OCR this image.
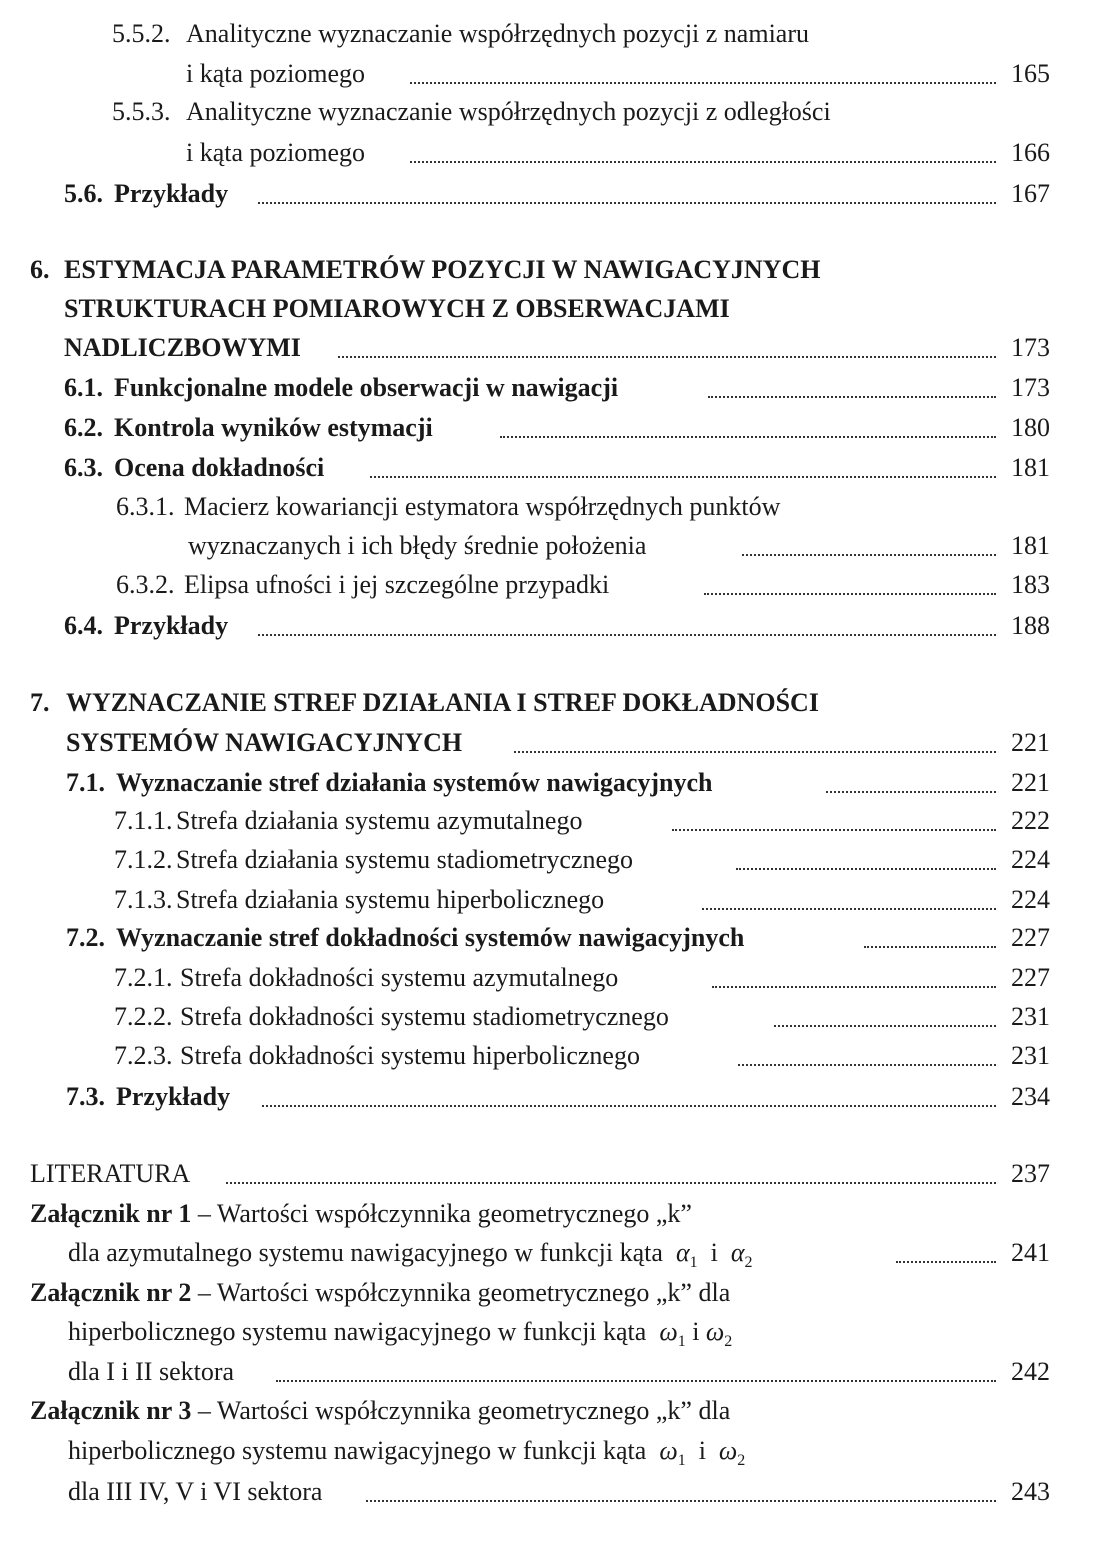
5.5.2. Analityczne wyznaczanie współrzędnych pozycji z namiaru
i kąta poziomego	165
5.5.3. Analityczne wyznaczanie współrzędnych pozycji z odległości
i kąta poziomego	166
5.6. Przykłady	167
6. ESTYMACJA PARAMETRÓW POZYCJI W NAWIGACYJNYCH
STRUKTURACH POMIAROWYCH Z OBSERWACJAMI
NADLICZBOWYMI	173
6.1. Funkcjonalne modele obserwacji w nawigacji	173
6.2. Kontrola wyników estymacji	180
6.3. Ocena dokładności	181
6.3.1. Macierz kowariancji estymatora współrzędnych punktów
wyznaczanych i ich błędy średnie położenia	181
6.3.2. Elipsa ufności i jej szczególne przypadki	183
6.4. Przykłady	188
7. WYZNACZANIE STREF DZIAŁANIA I STREF DOKŁADNOŚCI
SYSTEMÓW NAWIGACYJNYCH	221
7.1. Wyznaczanie stref działania systemów nawigacyjnych	221
7.1.1. Strefa działania systemu azymutalnego	222
7.1.2. Strefa działania systemu stadiometrycznego	224
7.1.3. Strefa działania systemu hiperbolicznego	224
7.2. Wyznaczanie stref dokładności systemów nawigacyjnych	227
7.2.1. Strefa dokładności systemu azymutalnego	227
7.2.2. Strefa dokładności systemu stadiometrycznego	231
7.2.3. Strefa dokładności systemu hiperbolicznego	231
7.3. Przykłady	234
LITERATURA	237
Załącznik nr 1 – Wartości współczynnika geometrycznego „k”
dla azymutalnego systemu nawigacyjnego w funkcji kąta $\alpha_1$ i $\alpha_2$	241
Załącznik nr 2 – Wartości współczynnika geometrycznego „k” dla
hiperbolicznego systemu nawigacyjnego w funkcji kąta $\omega_1$ i $\omega_2$
dla I i II sektora	242
Załącznik nr 3 – Wartości współczynnika geometrycznego „k” dla
hiperbolicznego systemu nawigacyjnego w funkcji kąta $\omega_1$ i $\omega_2$
dla III IV, V i VI sektora	243
